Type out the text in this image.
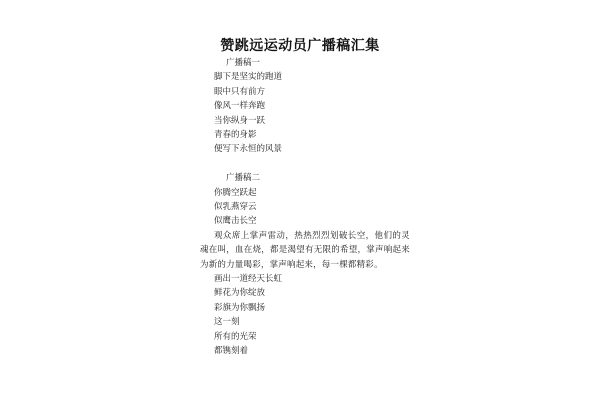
赞跳远运动员广播稿汇集
广播稿一
脚下是坚实的跑道
眼中只有前方
像风一样奔跑
当你纵身一跃
青春的身影
便写下永恒的风景
广播稿二
你腾空跃起
似乳燕穿云
似鹰击长空
观众席上掌声雷动，热热烈烈划破长空，他们的灵魂在叫，血在烧，都是渴望有无限的希望，掌声响起来为新的力量喝彩，掌声响起来，每一棵都精彩。
画出一道经天长虹
鲜花为你绽放
彩旗为你飘扬
这一刻
所有的光荣
都镌刻着
